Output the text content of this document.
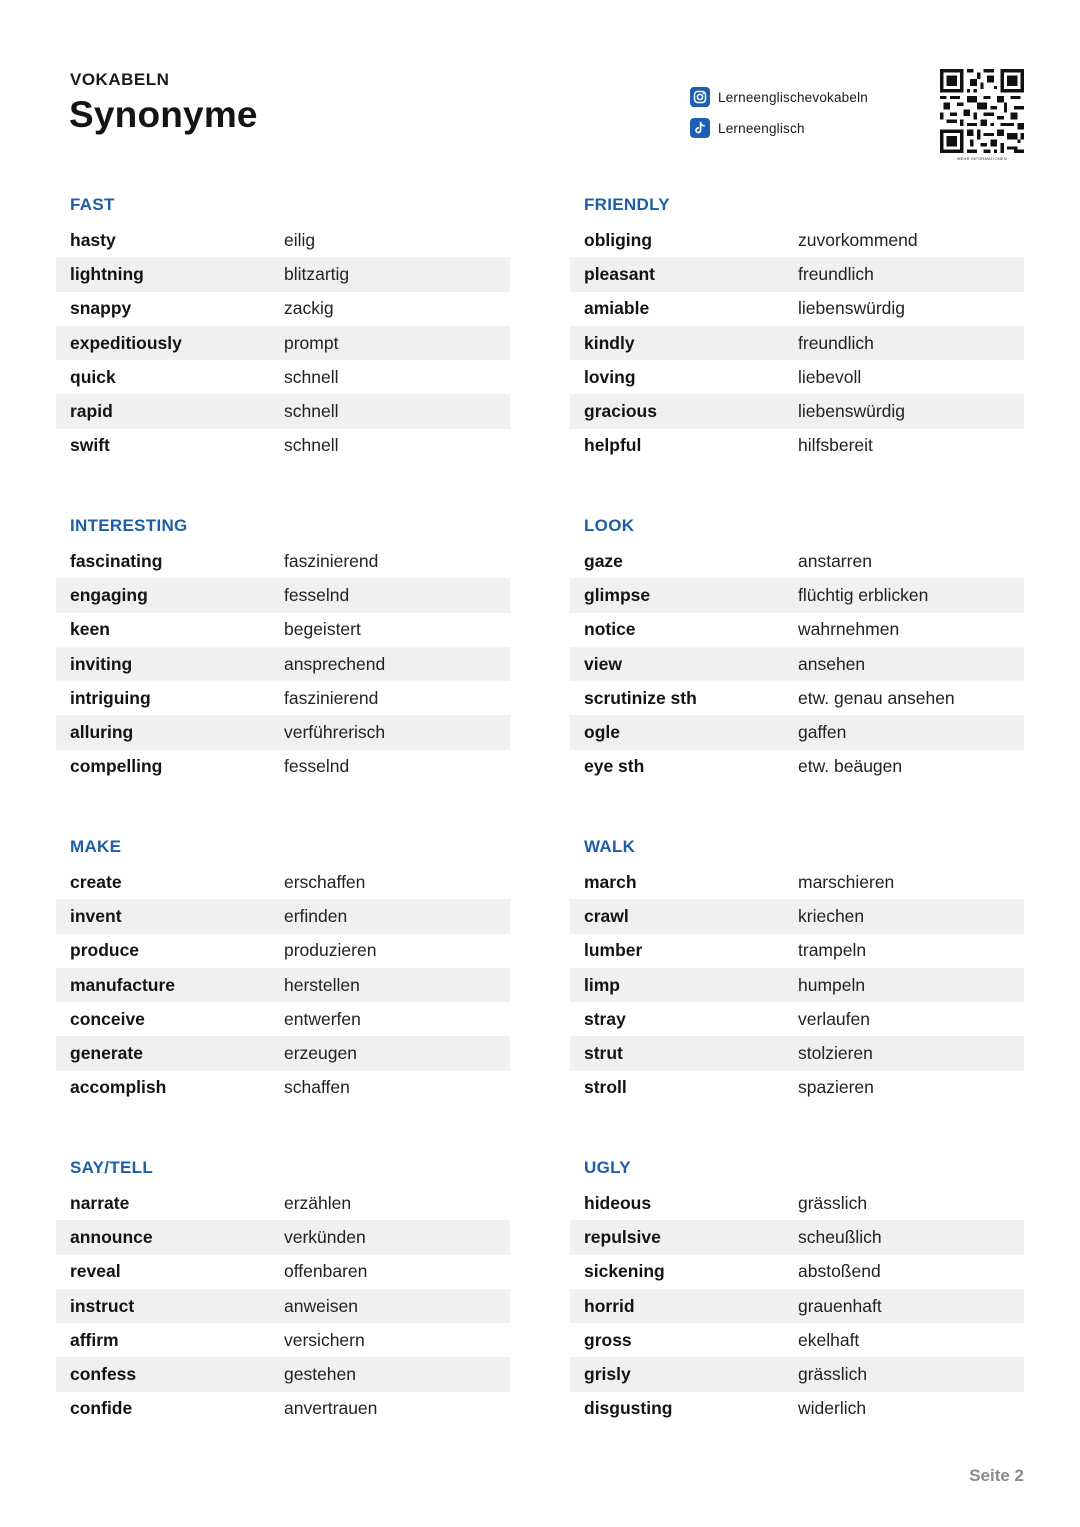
VOKABELN
Synonyme	Lerneenglischevokabeln
Lerneenglisch
MEHR INFORMATIONEN
FAST
hasty	eilig
lightning	blitzartig
snappy	zackig
expeditiously	prompt
quick	schnell
rapid	schnell
swift	schnell
FRIENDLY
obliging	zuvorkommend
pleasant	freundlich
amiable	liebenswürdig
kindly	freundlich
loving	liebevoll
gracious	liebenswürdig
helpful	hilfsbereit
INTERESTING
fascinating	faszinierend
engaging	fesselnd
keen	begeistert
inviting	ansprechend
intriguing	faszinierend
alluring	verführerisch
compelling	fesselnd
LOOK
gaze	anstarren
glimpse	flüchtig erblicken
notice	wahrnehmen
view	ansehen
scrutinize sth	etw. genau ansehen
ogle	gaffen
eye sth	etw. beäugen
MAKE
create	erschaffen
invent	erfinden
produce	produzieren
manufacture	herstellen
conceive	entwerfen
generate	erzeugen
accomplish	schaffen
WALK
march	marschieren
crawl	kriechen
lumber	trampeln
limp	humpeln
stray	verlaufen
strut	stolzieren
stroll	spazieren
SAY/TELL
narrate	erzählen
announce	verkünden
reveal	offenbaren
instruct	anweisen
affirm	versichern
confess	gestehen
confide	anvertrauen
UGLY
hideous	grässlich
repulsive	scheußlich
sickening	abstoßend
horrid	grauenhaft
gross	ekelhaft
grisly	grässlich
disgusting	widerlich
Seite 2
